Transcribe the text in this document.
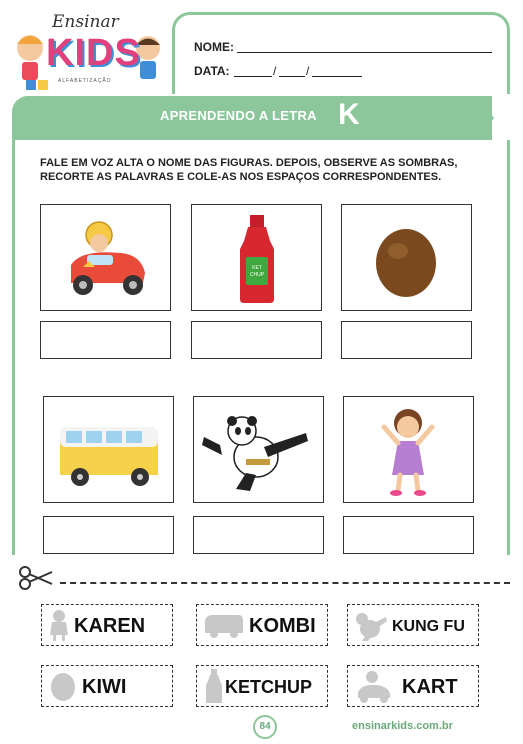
Ensinar
KIDS
ALFABETIZAÇÃO
NOME:
DATA:	/ /
APRENDENDO A LETRA K
FALE EM VOZ ALTA O NOME DAS FIGURAS. DEPOIS, OBSERVE AS SOMBRAS,
RECORTE AS PALAVRAS E COLE-AS NOS ESPAÇOS CORRESPONDENTES.
KET
CHUP
KAREN	KOMBI	KUNG FU
KIWI	KETCHUP	KART
84	ensinarkids.com.br
